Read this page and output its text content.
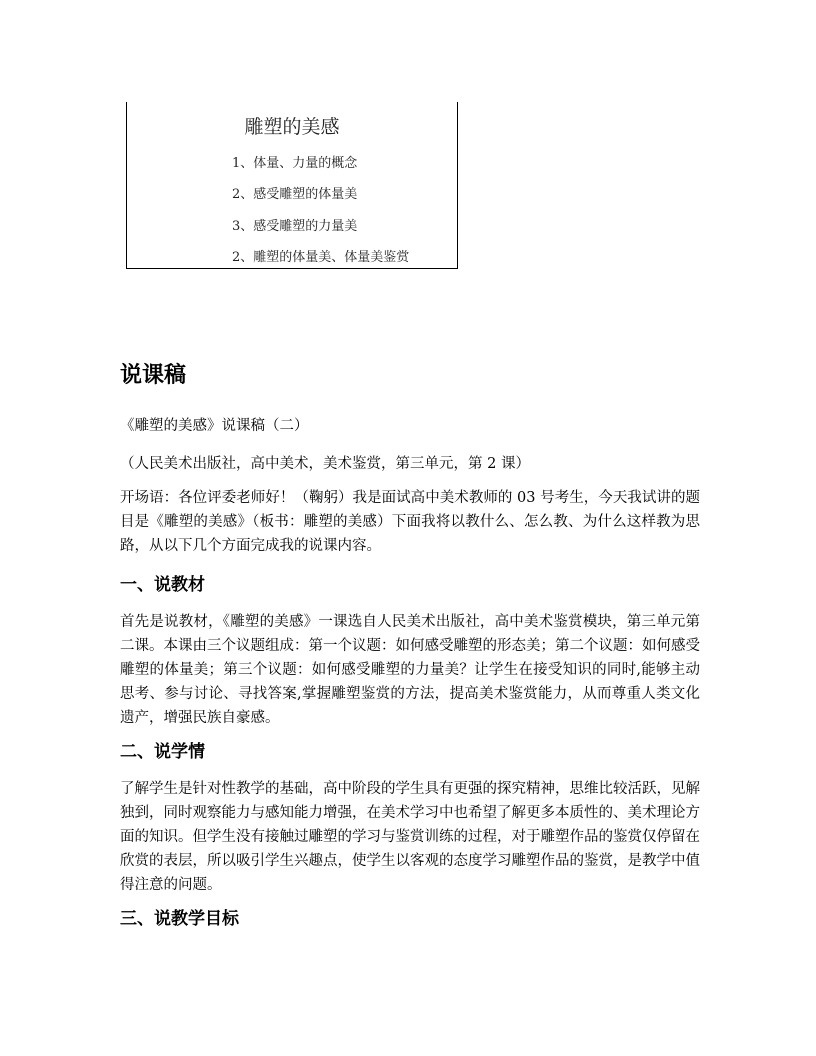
雕塑的美感
1、体量、力量的概念
2、感受雕塑的体量美
3、感受雕塑的力量美
2、雕塑的体量美、体量美鉴赏
说课稿
《雕塑的美感》说课稿（二）
（人民美术出版社，高中美术，美术鉴赏，第三单元，第 2 课）

开场语：各位评委老师好！（鞠躬）我是面试高中美术教师的 03 号考生，今天我试讲的题目是《雕塑的美感》（板书：雕塑的美感）下面我将以教什么、怎么教、为什么这样教为思路，从以下几个方面完成我的说课内容。

一、说教材

首先是说教材，《雕塑的美感》一课选自人民美术出版社，高中美术鉴赏模块，第三单元第二课。本课由三个议题组成：第一个议题：如何感受雕塑的形态美；第二个议题：如何感受雕塑的体量美；第三个议题：如何感受雕塑的力量美？让学生在接受知识的同时,能够主动思考、参与讨论、寻找答案,掌握雕塑鉴赏的方法，提高美术鉴赏能力，从而尊重人类文化遗产，增强民族自豪感。

二、说学情

了解学生是针对性教学的基础，高中阶段的学生具有更强的探究精神，思维比较活跃，见解独到，同时观察能力与感知能力增强，在美术学习中也希望了解更多本质性的、美术理论方面的知识。但学生没有接触过雕塑的学习与鉴赏训练的过程，对于雕塑作品的鉴赏仅停留在欣赏的表层，所以吸引学生兴趣点，使学生以客观的态度学习雕塑作品的鉴赏，是教学中值得注意的问题。

三、说教学目标
